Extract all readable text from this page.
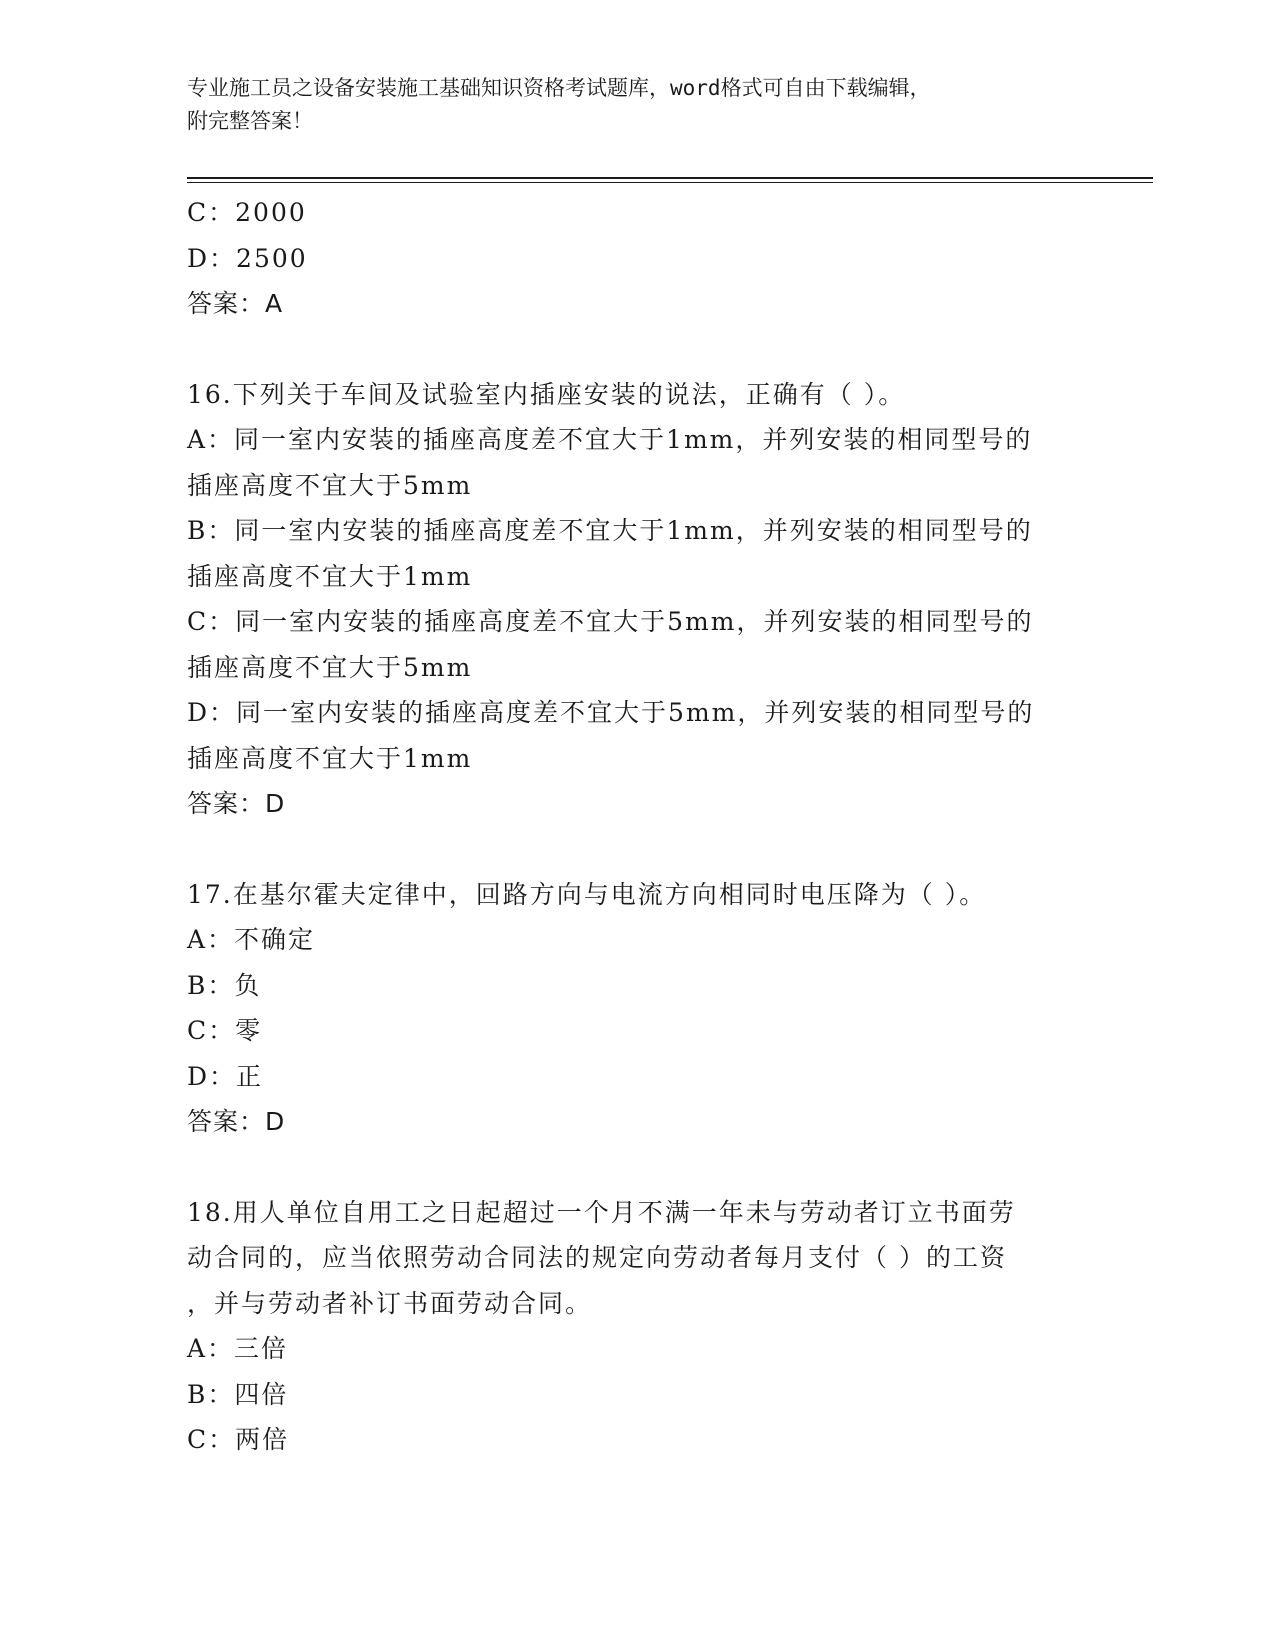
专业施工员之设备安装施工基础知识资格考试题库，word格式可自由下载编辑，
附完整答案！
C：2000
D：2500
答案：A
16.下列关于车间及试验室内插座安装的说法，正确有（ ）。
A：同一室内安装的插座高度差不宜大于1mm，并列安装的相同型号的
插座高度不宜大于5mm
B：同一室内安装的插座高度差不宜大于1mm，并列安装的相同型号的
插座高度不宜大于1mm
C：同一室内安装的插座高度差不宜大于5mm，并列安装的相同型号的
插座高度不宜大于5mm
D：同一室内安装的插座高度差不宜大于5mm，并列安装的相同型号的
插座高度不宜大于1mm
答案：D
17.在基尔霍夫定律中，回路方向与电流方向相同时电压降为（ ）。
A：不确定
B：负
C：零
D：正
答案：D
18.用人单位自用工之日起超过一个月不满一年未与劳动者订立书面劳
动合同的，应当依照劳动合同法的规定向劳动者每月支付（ ）的工资
，并与劳动者补订书面劳动合同。
A：三倍
B：四倍
C：两倍
